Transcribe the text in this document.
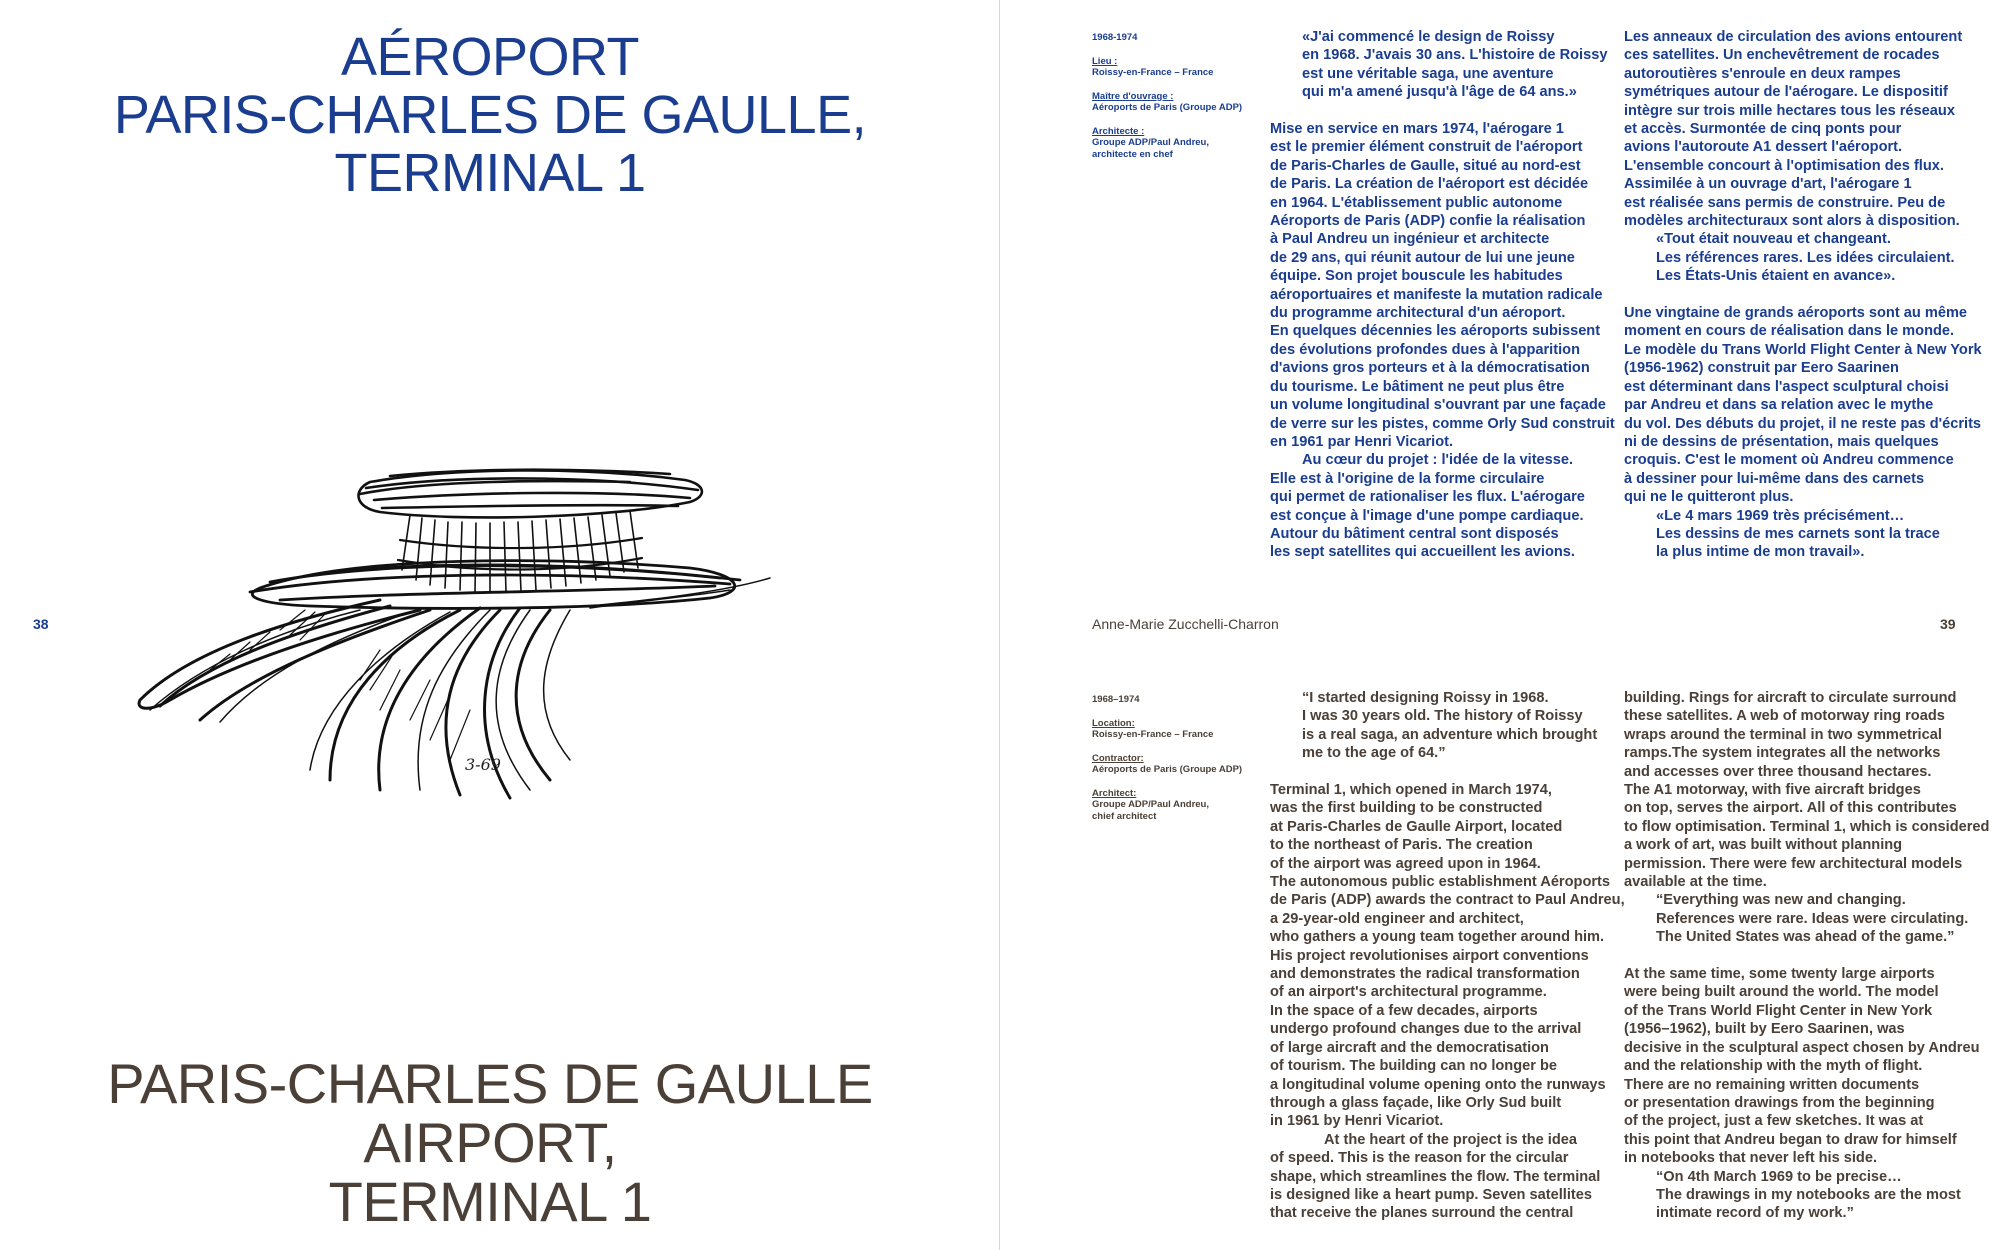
AÉROPORT
PARIS-CHARLES DE GAULLE,
TERMINAL 1
3-69
38
PARIS-CHARLES DE GAULLE
AIRPORT,
TERMINAL 1
1968-1974
Lieu :
Roissy-en-France – France
Maître d'ouvrage :
Aéroports de Paris (Groupe ADP)
Architecte :
Groupe ADP/Paul Andreu,
architecte en chef
«J'ai commencé le design de Roissy
en 1968. J'avais 30 ans. L'histoire de Roissy
est une véritable saga, une aventure
qui m'a amené jusqu'à l'âge de 64 ans.»
Mise en service en mars 1974, l'aérogare 1
est le premier élément construit de l'aéroport
de Paris-Charles de Gaulle, situé au nord-est
de Paris. La création de l'aéroport est décidée
en 1964. L'établissement public autonome
Aéroports de Paris (ADP) confie la réalisation
à Paul Andreu un ingénieur et architecte
de 29 ans, qui réunit autour de lui une jeune
équipe. Son projet bouscule les habitudes
aéroportuaires et manifeste la mutation radicale
du programme architectural d'un aéroport.
En quelques décennies les aéroports subissent
des évolutions profondes dues à l'apparition
d'avions gros porteurs et à la démocratisation
du tourisme. Le bâtiment ne peut plus être
un volume longitudinal s'ouvrant par une façade
de verre sur les pistes, comme Orly Sud construit
en 1961 par Henri Vicariot.
Au cœur du projet : l'idée de la vitesse.
Elle est à l'origine de la forme circulaire
qui permet de rationaliser les flux. L'aérogare
est conçue à l'image d'une pompe cardiaque.
Autour du bâtiment central sont disposés
les sept satellites qui accueillent les avions.
Les anneaux de circulation des avions entourent
ces satellites. Un enchevêtrement de rocades
autoroutières s'enroule en deux rampes
symétriques autour de l'aérogare. Le dispositif
intègre sur trois mille hectares tous les réseaux
et accès. Surmontée de cinq ponts pour
avions l'autoroute A1 dessert l'aéroport.
L'ensemble concourt à l'optimisation des flux.
Assimilée à un ouvrage d'art, l'aérogare 1
est réalisée sans permis de construire. Peu de
modèles architecturaux sont alors à disposition.
«Tout était nouveau et changeant.
Les références rares. Les idées circulaient.
Les États-Unis étaient en avance».
Une vingtaine de grands aéroports sont au même
moment en cours de réalisation dans le monde.
Le modèle du Trans World Flight Center à New York
(1956-1962) construit par Eero Saarinen
est déterminant dans l'aspect sculptural choisi
par Andreu et dans sa relation avec le mythe
du vol. Des débuts du projet, il ne reste pas d'écrits
ni de dessins de présentation, mais quelques
croquis. C'est le moment où Andreu commence
à dessiner pour lui-même dans des carnets
qui ne le quitteront plus.
«Le 4 mars 1969 très précisément…
Les dessins de mes carnets sont la trace
la plus intime de mon travail».
Anne-Marie Zucchelli-Charron	39
1968–1974
Location:
Roissy-en-France – France
Contractor:
Aéroports de Paris (Groupe ADP)
Architect:
Groupe ADP/Paul Andreu,
chief architect
“I started designing Roissy in 1968.
I was 30 years old. The history of Roissy
is a real saga, an adventure which brought
me to the age of 64.”
Terminal 1, which opened in March 1974,
was the first building to be constructed
at Paris-Charles de Gaulle Airport, located
to the northeast of Paris. The creation
of the airport was agreed upon in 1964.
The autonomous public establishment Aéroports
de Paris (ADP) awards the contract to Paul Andreu,
a 29-year-old engineer and architect,
who gathers a young team together around him.
His project revolutionises airport conventions
and demonstrates the radical transformation
of an airport's architectural programme.
In the space of a few decades, airports
undergo profound changes due to the arrival
of large aircraft and the democratisation
of tourism. The building can no longer be
a longitudinal volume opening onto the runways
through a glass façade, like Orly Sud built
in 1961 by Henri Vicariot.
At the heart of the project is the idea
of speed. This is the reason for the circular
shape, which streamlines the flow. The terminal
is designed like a heart pump. Seven satellites
that receive the planes surround the central
building. Rings for aircraft to circulate surround
these satellites. A web of motorway ring roads
wraps around the terminal in two symmetrical
ramps.The system integrates all the networks
and accesses over three thousand hectares.
The A1 motorway, with five aircraft bridges
on top, serves the airport. All of this contributes
to flow optimisation. Terminal 1, which is considered
a work of art, was built without planning
permission. There were few architectural models
available at the time.
“Everything was new and changing.
References were rare. Ideas were circulating.
The United States was ahead of the game.”
At the same time, some twenty large airports
were being built around the world. The model
of the Trans World Flight Center in New York
(1956–1962), built by Eero Saarinen, was
decisive in the sculptural aspect chosen by Andreu
and the relationship with the myth of flight.
There are no remaining written documents
or presentation drawings from the beginning
of the project, just a few sketches. It was at
this point that Andreu began to draw for himself
in notebooks that never left his side.
“On 4th March 1969 to be precise…
The drawings in my notebooks are the most
intimate record of my work.”
